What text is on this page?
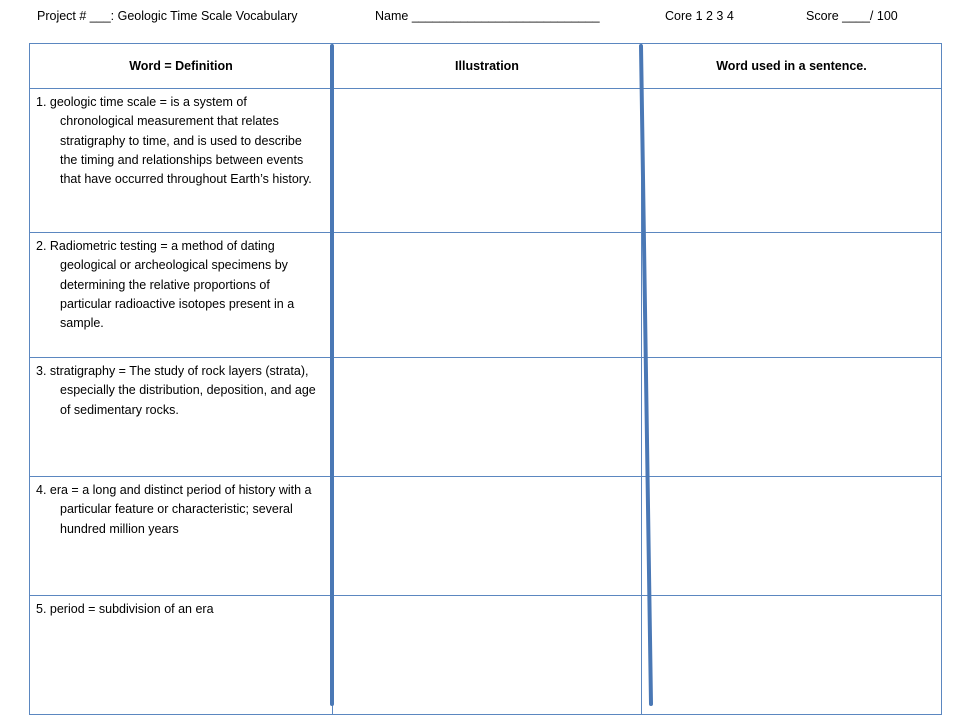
Project # ___: Geologic Time Scale Vocabulary	Name ___________________________	Core 1 2 3 4	Score ____/ 100
Word = Definition	Illustration	Word used in a sentence.

1. geologic time scale = is a system of chronological measurement that relates stratigraphy to time, and is used to describe the timing and relationships between events that have occurred throughout Earth’s history.		

2. Radiometric testing = a method of dating geological or archeological specimens by determining the relative proportions of particular radioactive isotopes present in a sample.		

3. stratigraphy = The study of rock layers (strata), especially the distribution, deposition, and age of sedimentary rocks.		

4. era = a long and distinct period of history with a particular feature or characteristic; several hundred million years		

5. period = subdivision of an era		
